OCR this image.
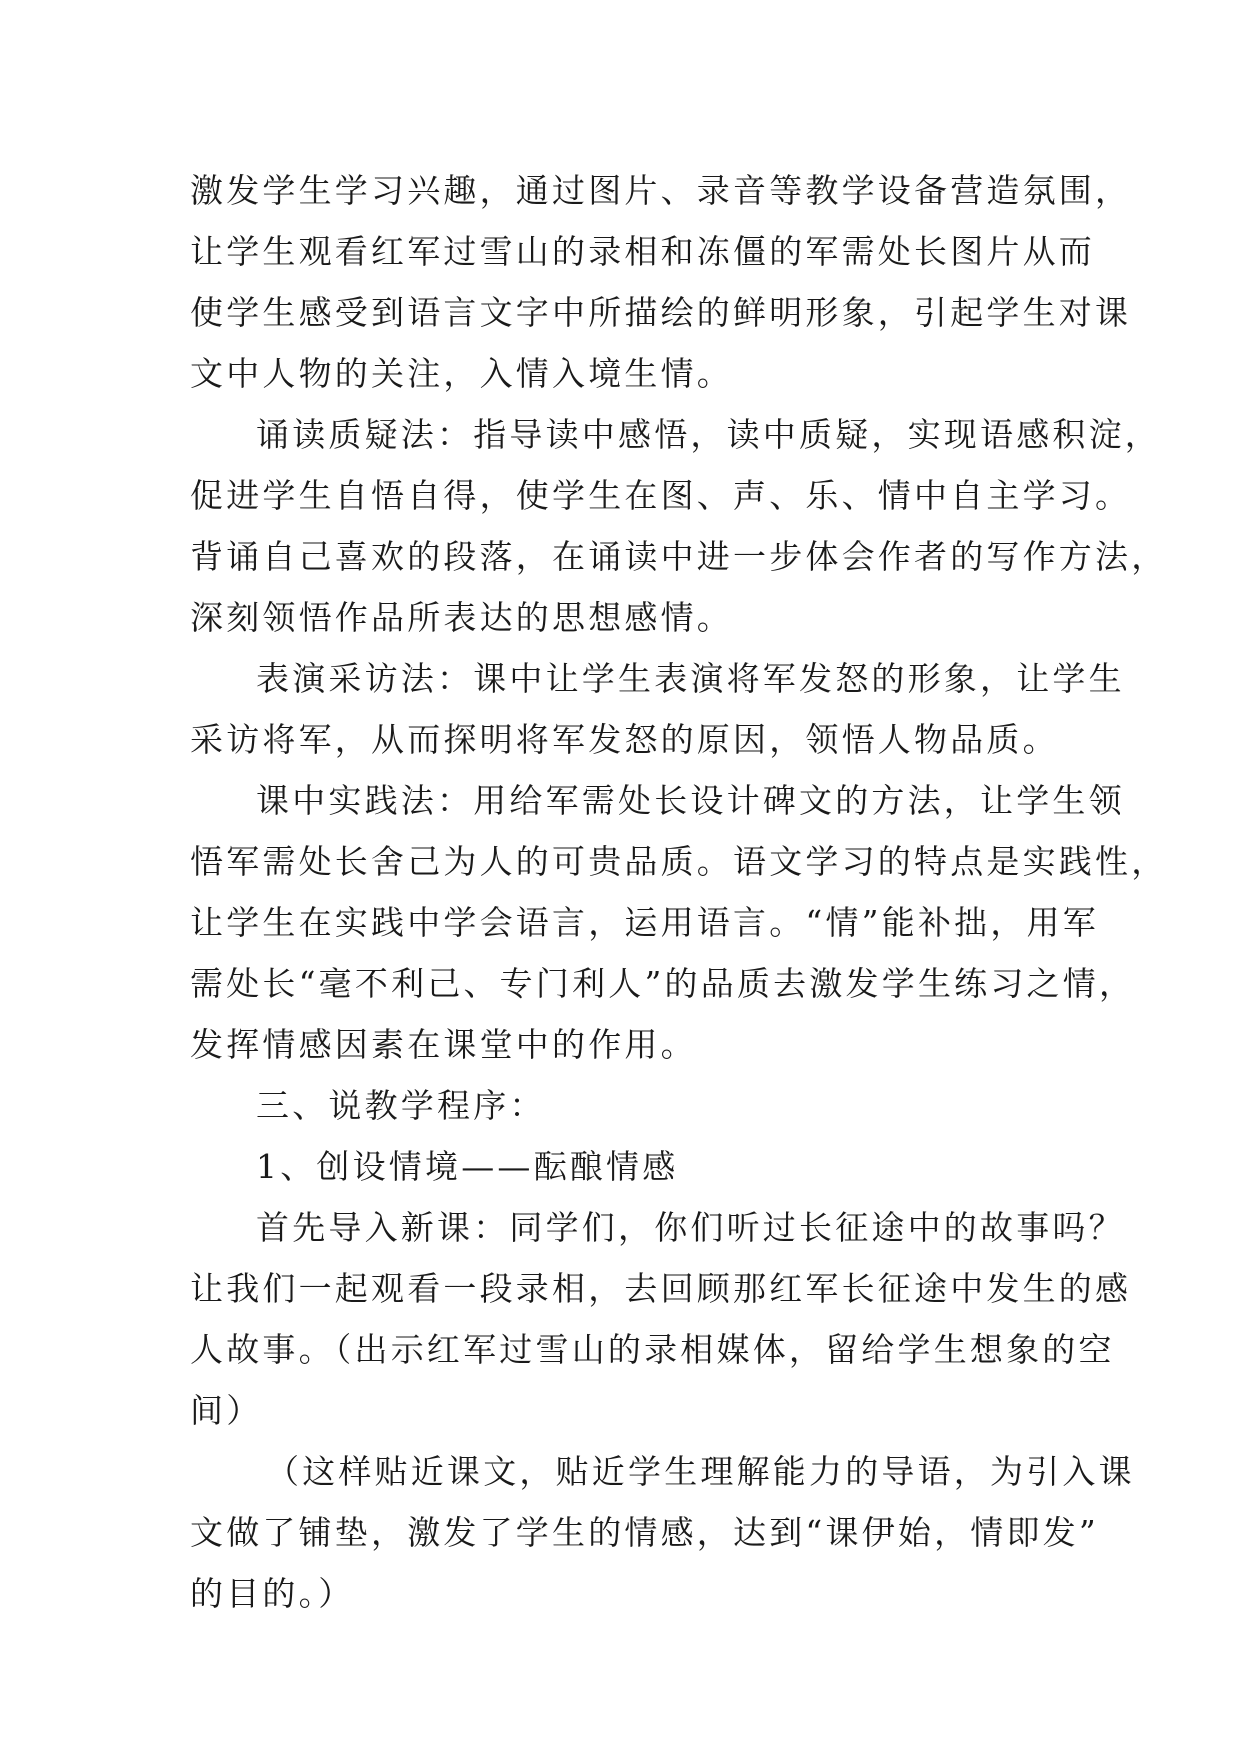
激发学生学习兴趣，通过图片、录音等教学设备营造氛围，
让学生观看红军过雪山的录相和冻僵的军需处长图片从而
使学生感受到语言文字中所描绘的鲜明形象，引起学生对课
文中人物的关注，入情入境生情。
诵读质疑法：指导读中感悟，读中质疑，实现语感积淀，
促进学生自悟自得，使学生在图、声、乐、情中自主学习。
背诵自己喜欢的段落，在诵读中进一步体会作者的写作方法，
深刻领悟作品所表达的思想感情。
表演采访法：课中让学生表演将军发怒的形象，让学生
采访将军，从而探明将军发怒的原因，领悟人物品质。
课中实践法：用给军需处长设计碑文的方法，让学生领
悟军需处长舍己为人的可贵品质。语文学习的特点是实践性，
让学生在实践中学会语言，运用语言。“情”能补拙，用军
需处长“毫不利己、专门利人”的品质去激发学生练习之情，
发挥情感因素在课堂中的作用。
三、说教学程序：
1、创设情境——酝酿情感
首先导入新课：同学们，你们听过长征途中的故事吗？
让我们一起观看一段录相，去回顾那红军长征途中发生的感
人故事。（出示红军过雪山的录相媒体，留给学生想象的空
间）
（这样贴近课文，贴近学生理解能力的导语，为引入课
文做了铺垫，激发了学生的情感，达到“课伊始，情即发”
的目的。）
